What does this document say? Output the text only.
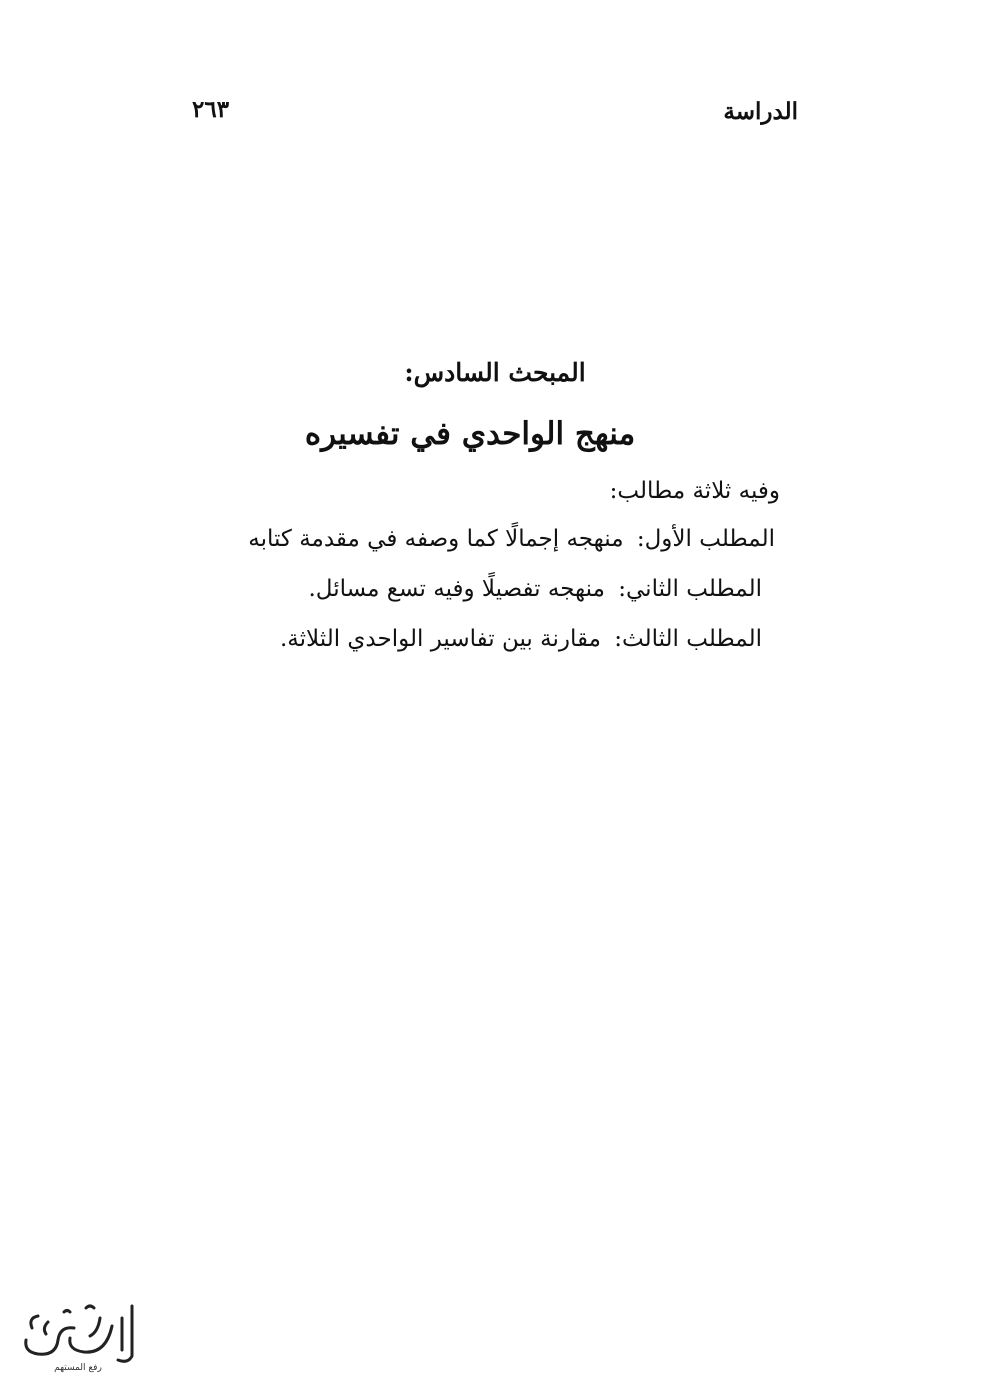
الدراسة
٢٦٣
المبحث السادس:
منهج الواحدي في تفسيره
وفيه ثلاثة مطالب:
المطلب الأول: منهجه إجمالًا كما وصفه في مقدمة كتابه
المطلب الثاني: منهجه تفصيلًا وفيه تسع مسائل.
المطلب الثالث: مقارنة بين تفاسير الواحدي الثلاثة.
رفع المستهم
